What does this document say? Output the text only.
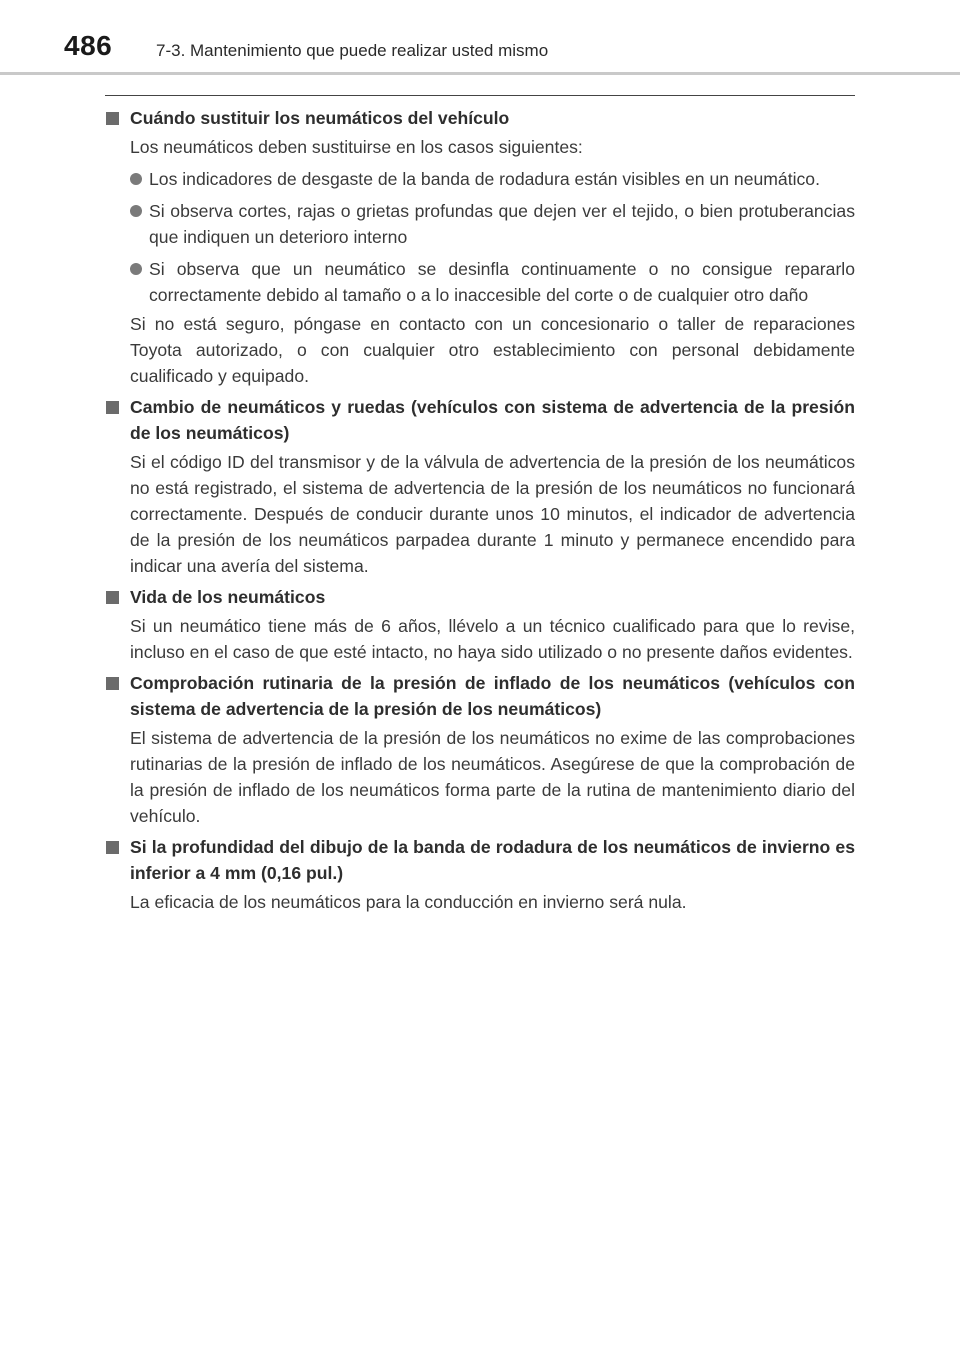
486	7-3. Mantenimiento que puede realizar usted mismo
Cuándo sustituir los neumáticos del vehículo
Los neumáticos deben sustituirse en los casos siguientes:
Los indicadores de desgaste de la banda de rodadura están visibles en un neumático.
Si observa cortes, rajas o grietas profundas que dejen ver el tejido, o bien protuberancias que indiquen un deterioro interno
Si observa que un neumático se desinfla continuamente o no consigue repararlo correctamente debido al tamaño o a lo inaccesible del corte o de cualquier otro daño
Si no está seguro, póngase en contacto con un concesionario o taller de reparaciones Toyota autorizado, o con cualquier otro establecimiento con personal debidamente cualificado y equipado.
Cambio de neumáticos y ruedas (vehículos con sistema de advertencia de la presión de los neumáticos)
Si el código ID del transmisor y de la válvula de advertencia de la presión de los neumáticos no está registrado, el sistema de advertencia de la presión de los neumáticos no funcionará correctamente. Después de conducir durante unos 10 minutos, el indicador de advertencia de la presión de los neumáticos parpadea durante 1 minuto y permanece encendido para indicar una avería del sistema.
Vida de los neumáticos
Si un neumático tiene más de 6 años, llévelo a un técnico cualificado para que lo revise, incluso en el caso de que esté intacto, no haya sido utilizado o no presente daños evidentes.
Comprobación rutinaria de la presión de inflado de los neumáticos (vehículos con sistema de advertencia de la presión de los neumáticos)
El sistema de advertencia de la presión de los neumáticos no exime de las comprobaciones rutinarias de la presión de inflado de los neumáticos. Asegúrese de que la comprobación de la presión de inflado de los neumáticos forma parte de la rutina de mantenimiento diario del vehículo.
Si la profundidad del dibujo de la banda de rodadura de los neumáticos de invierno es inferior a 4 mm (0,16 pul.)
La eficacia de los neumáticos para la conducción en invierno será nula.
